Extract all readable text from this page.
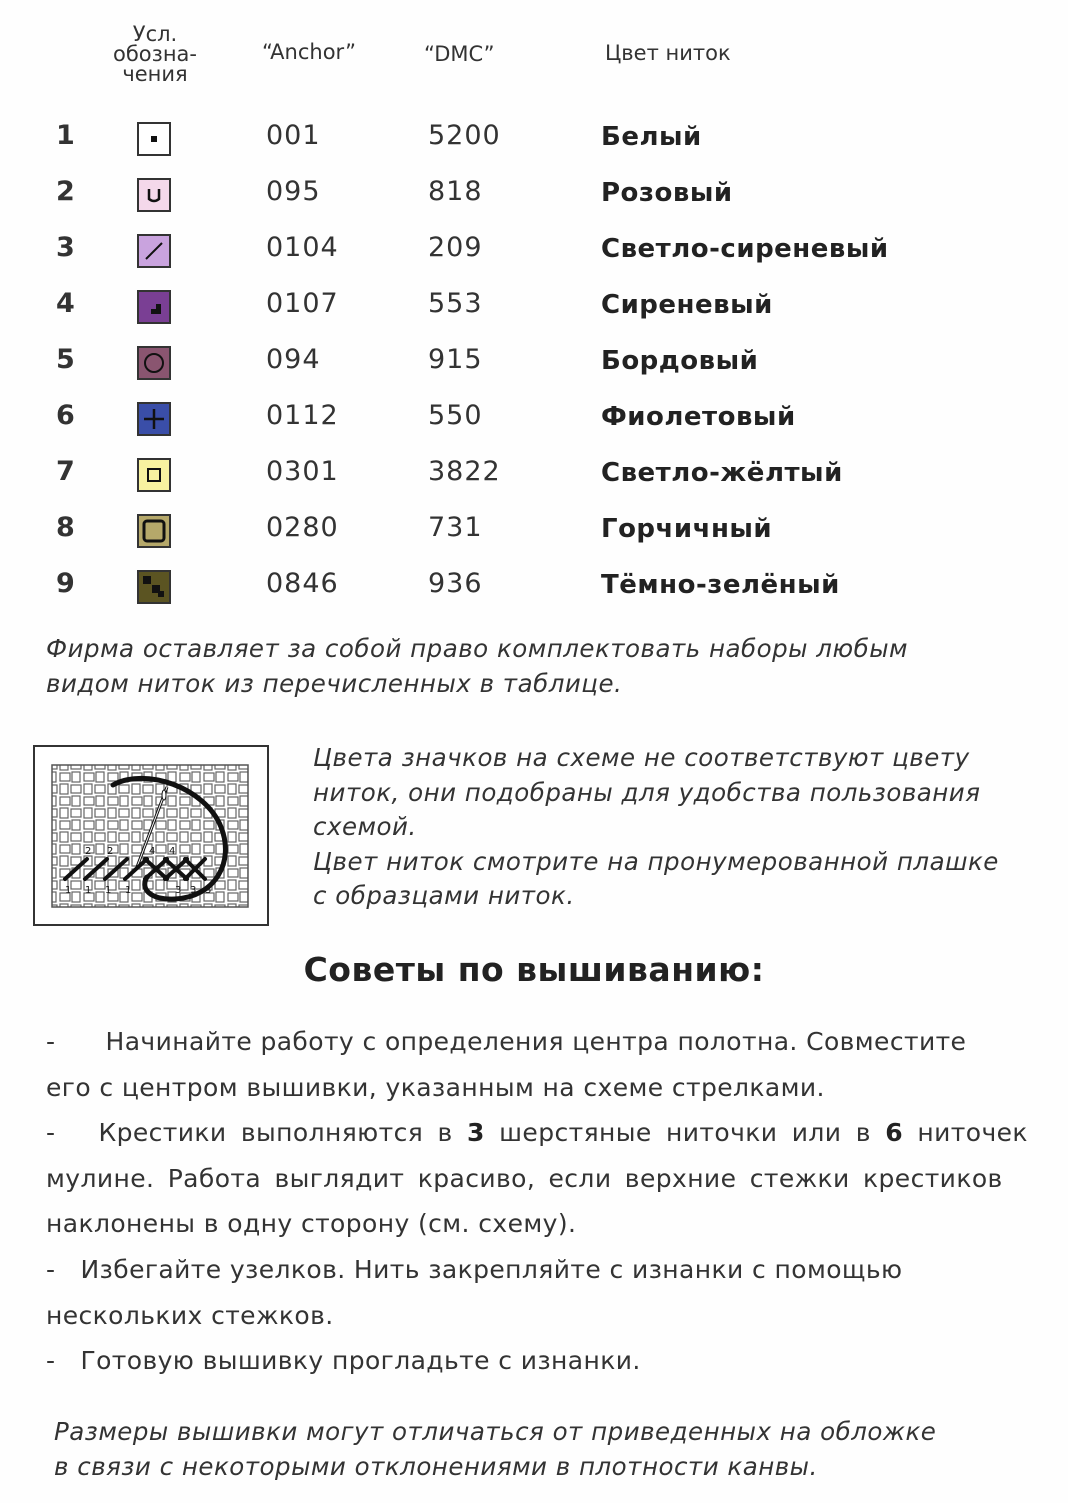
Усл.
обозна-
чения
“Anchor”	“DMC”	Цвет ниток
1	001	5200	Белый
2	095	818	Розовый
3	0104	209	Светло-сиреневый
4	0107	553	Сиреневый
5	094	915	Бордовый
6	0112	550	Фиолетовый
7	0301	3822	Светло-жёлтый
8	0280	731	Горчичный
9	0846	936	Тёмно-зелёный
Фирма оставляет за собой право комплектовать наборы любым
видом ниток из перечисленных в таблице.
2 2	4 4
1 1 1 1	3 3 3
Цвета значков на схеме не соответствуют цвету
ниток, они подобраны для удобства пользования
схемой.
Цвет ниток смотрите на пронумерованной плашке
с образцами ниток.
Советы по вышиванию:
-      Начинайте работу с определения центра полотна. Совместите
его с центром вышивки, указанным на схеме стрелками.
-   Крестики выполняются в 3 шерстяные ниточки или в 6 ниточек
мулине. Работа выглядит красиво, если верхние стежки крестиков
наклонены в одну сторону (см. схему).
-   Избегайте узелков. Нить закрепляйте с изнанки с помощью
нескольких стежков.
-   Готовую вышивку прогладьте с изнанки.
Размеры вышивки могут отличаться от приведенных на обложке
в связи с некоторыми отклонениями в плотности канвы.
